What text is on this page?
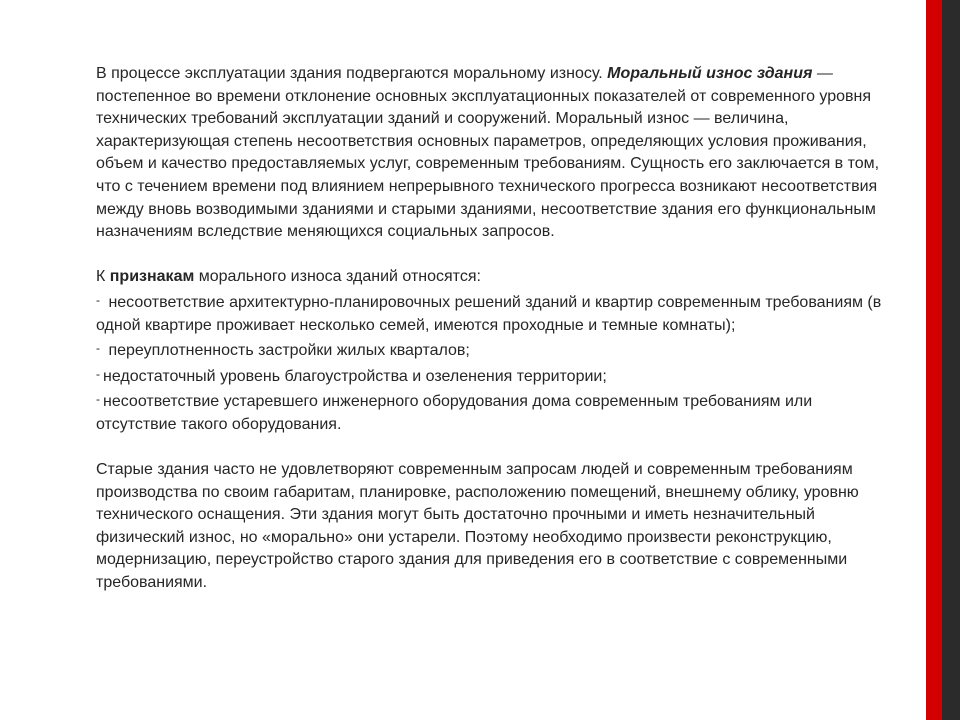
В процессе эксплуатации здания подвергаются моральному износу. Моральный износ здания — постепенное во времени отклонение основных эксплуатационных показателей от современного уровня технических требований эксплуатации зданий и сооружений. Моральный износ — величина, характеризующая степень несоответствия основных параметров, определяющих условия проживания, объем и качество предоставляемых услуг, современным требованиям. Сущность его заключается в том, что с течением времени под влиянием непрерывного технического прогресса возникают несоответствия между вновь возводимыми зданиями и старыми зданиями, несоответствие здания его функциональным назначениям вследствие меняющихся социальных запросов.

К признакам морального износа зданий относятся:

- несоответствие архитектурно-планировочных решений зданий и квартир современным требованиям (в одной квартире проживает несколько семей, имеются проходные и темные комнаты);

- переуплотненность застройки жилых кварталов;

- недостаточный уровень благоустройства и озеленения территории;

- несоответствие устаревшего инженерного оборудования дома современным требованиям или отсутствие такого оборудования.

Старые здания часто не удовлетворяют современным запросам людей и современным требованиям производства по своим габаритам, планировке, расположению помещений, внешнему облику, уровню технического оснащения. Эти здания могут быть достаточно прочными и иметь незначительный физический износ, но «морально» они устарели. Поэтому необходимо произвести реконструкцию, модернизацию, переустройство старого здания для приведения его в соответствие с современными требованиями.
